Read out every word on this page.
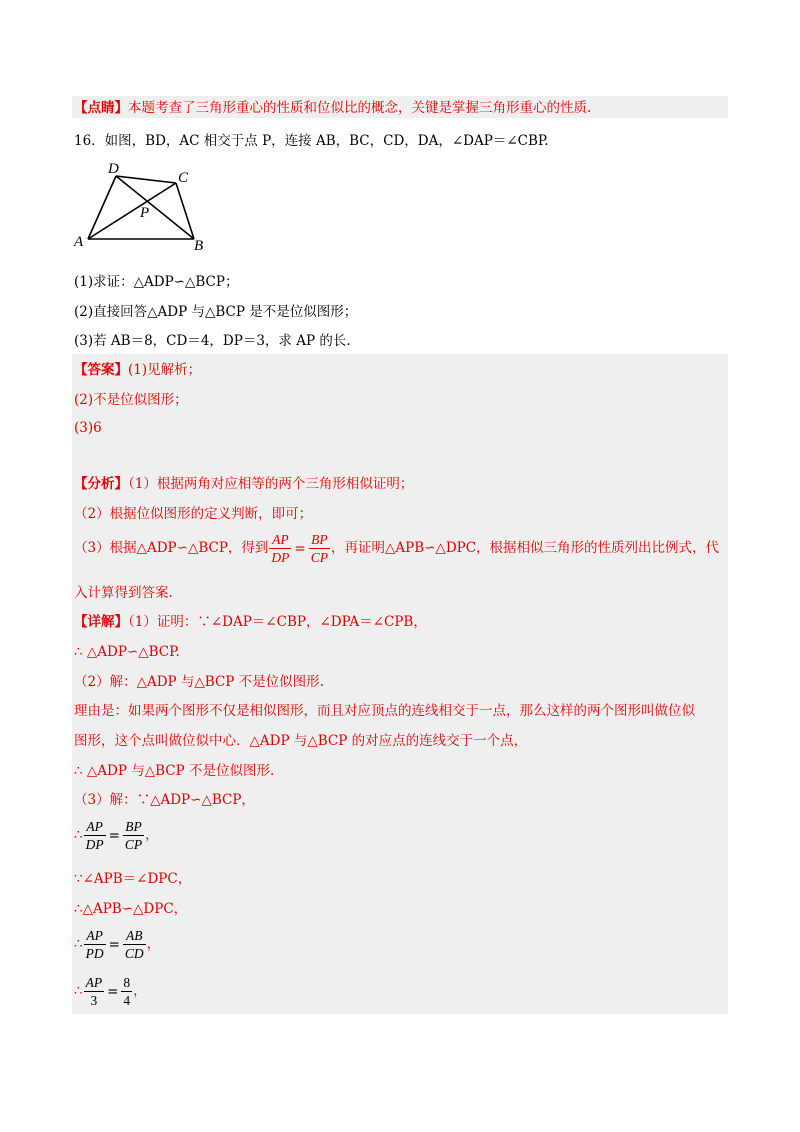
【点睛】本题考查了三角形重心的性质和位似比的概念，关键是掌握三角形重心的性质.
16．如图，BD，AC 相交于点 P，连接 AB，BC，CD，DA，∠DAP＝∠CBP.
A	B
C
D
P
(1)求证：△ADP∽△BCP；
(2)直接回答△ADP 与△BCP 是不是位似图形；
(3)若 AB＝8，CD＝4，DP＝3，求 AP 的长.
【答案】(1)见解析；
(2)不是位似图形；
(3)6
【分析】（1）根据两角对应相等的两个三角形相似证明；
（2）根据位似图形的定义判断，即可；
（3）根据△ADP∽△BCP，得到 $\frac{AP}{DP} = \frac{BP}{CP}$ ，再证明△APB∽△DPC，根据相似三角形的性质列出比例式，代
入计算得到答案.
【详解】（1）证明：∵∠DAP＝∠CBP，∠DPA＝∠CPB，
∴ △ADP∽△BCP.
（2）解：△ADP 与△BCP 不是位似图形.
理由是：如果两个图形不仅是相似图形，而且对应顶点的连线相交于一点，那么这样的两个图形叫做位似
图形，这个点叫做位似中心．△ADP 与△BCP 的对应点的连线交于一个点，
∴ △ADP 与△BCP 不是位似图形.
（3）解：∵△ADP∽△BCP，
∴ $\frac{AP}{DP} = \frac{BP}{CP}$ ，
∵∠APB＝∠DPC，
∴△APB∽△DPC，
∴ $\frac{AP}{PD} = \frac{AB}{CD}$ ，
∴ $\frac{AP}{3} = \frac{8}{4}$ ，
